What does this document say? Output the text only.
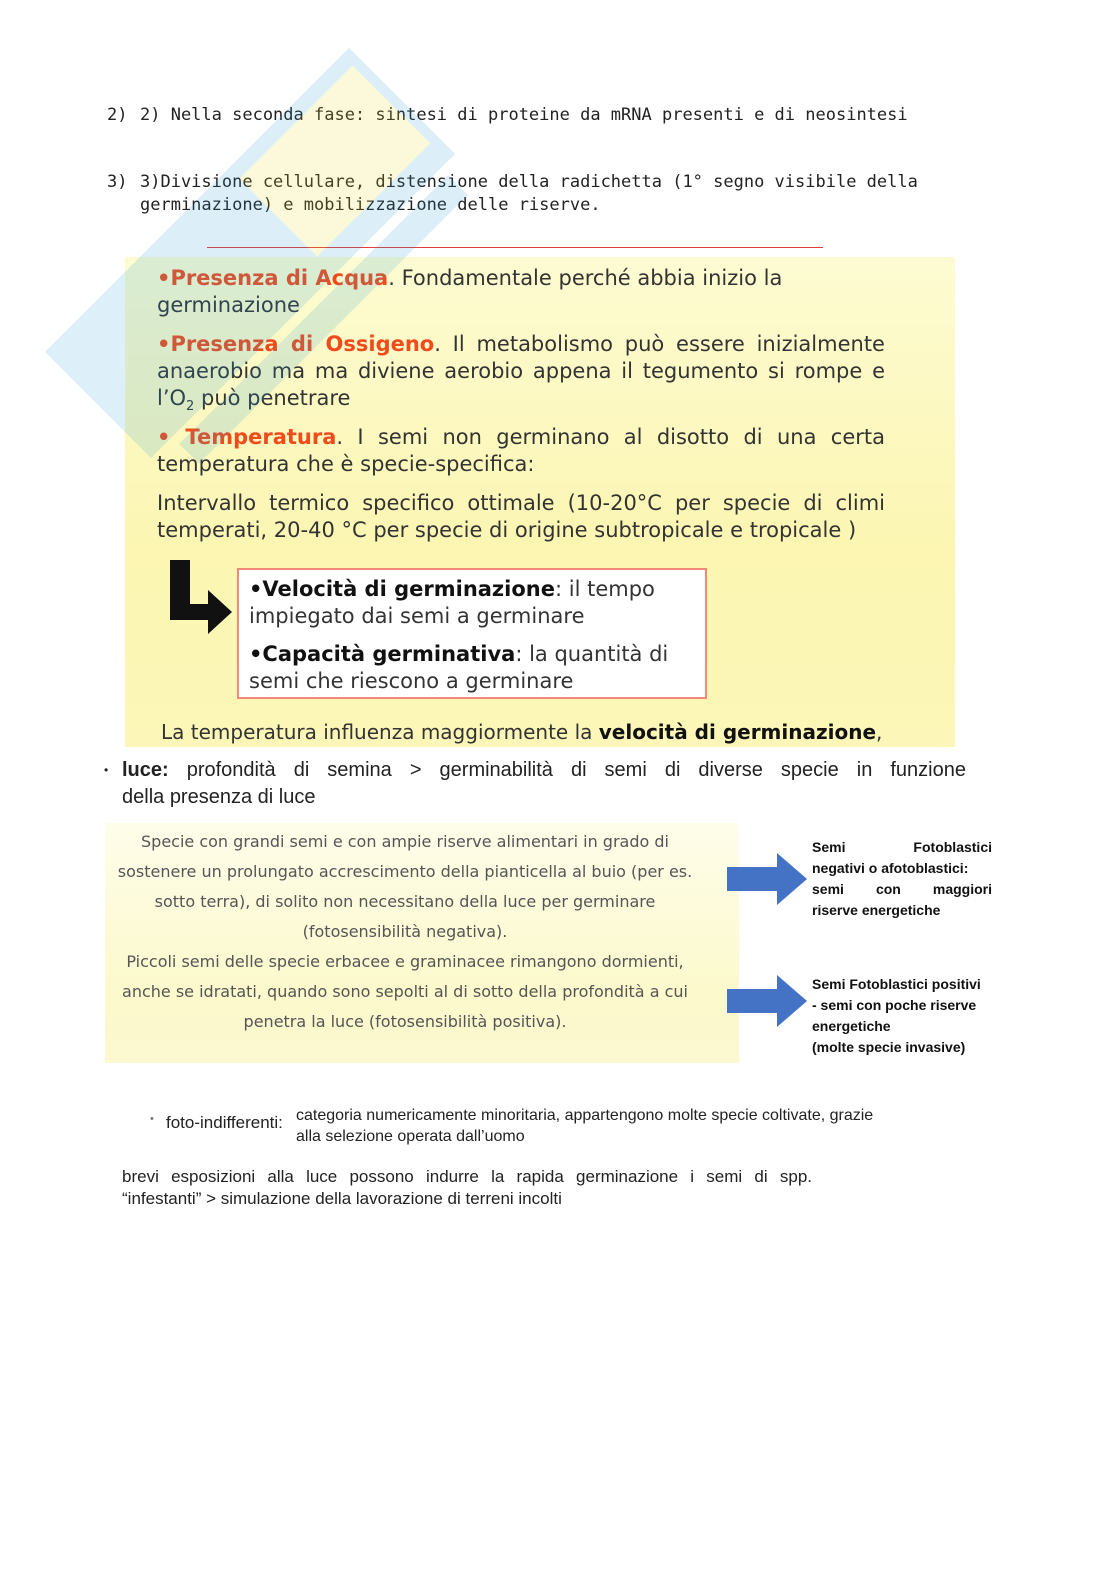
2) 2) Nella seconda fase: sintesi di proteine da mRNA presenti e di neosintesi
3) 3)Divisione cellulare, distensione della radichetta (1° segno visibile della germinazione) e mobilizzazione delle riserve.
•Presenza di Acqua. Fondamentale perché abbia inizio la germinazione
•Presenza di Ossigeno. Il metabolismo può essere inizialmente anaerobio ma ma diviene aerobio appena il tegumento si rompe e $l’O_2$ può penetrare
• Temperatura. I semi non germinano al disotto di una certa temperatura che è specie-specifica:
Intervallo termico specifico ottimale (10-20°C per specie di climi temperati, 20-40 °C per specie di origine subtropicale e tropicale )
•Velocità di germinazione: il tempo impiegato dai semi a germinare
•Capacità germinativa: la quantità di semi che riescono a germinare
La temperatura influenza maggiormente la velocità di germinazione,
• luce: profondità di semina > germinabilità di semi di diverse specie in funzione
della presenza di luce
Specie con grandi semi e con ampie riserve alimentari in grado di
sostenere un prolungato accrescimento della pianticella al buio (per es.
sotto terra), di solito non necessitano della luce per germinare
(fotosensibilità negativa).
Piccoli semi delle specie erbacee e graminacee rimangono dormienti,
anche se idratati, quando sono sepolti al di sotto della profondità a cui
penetra la luce (fotosensibilità positiva).
Semi Fotoblastici
negativi o afotoblastici:
semi con maggiori
riserve energetiche
Semi Fotoblastici positivi
- semi con poche riserve
energetiche
(molte specie invasive)
• foto-indifferenti: categoria numericamente minoritaria, appartengono molte specie coltivate, grazie
alla selezione operata dall’uomo
brevi esposizioni alla luce possono indurre la rapida germinazione i semi di spp.
“infestanti” > simulazione della lavorazione di terreni incolti
